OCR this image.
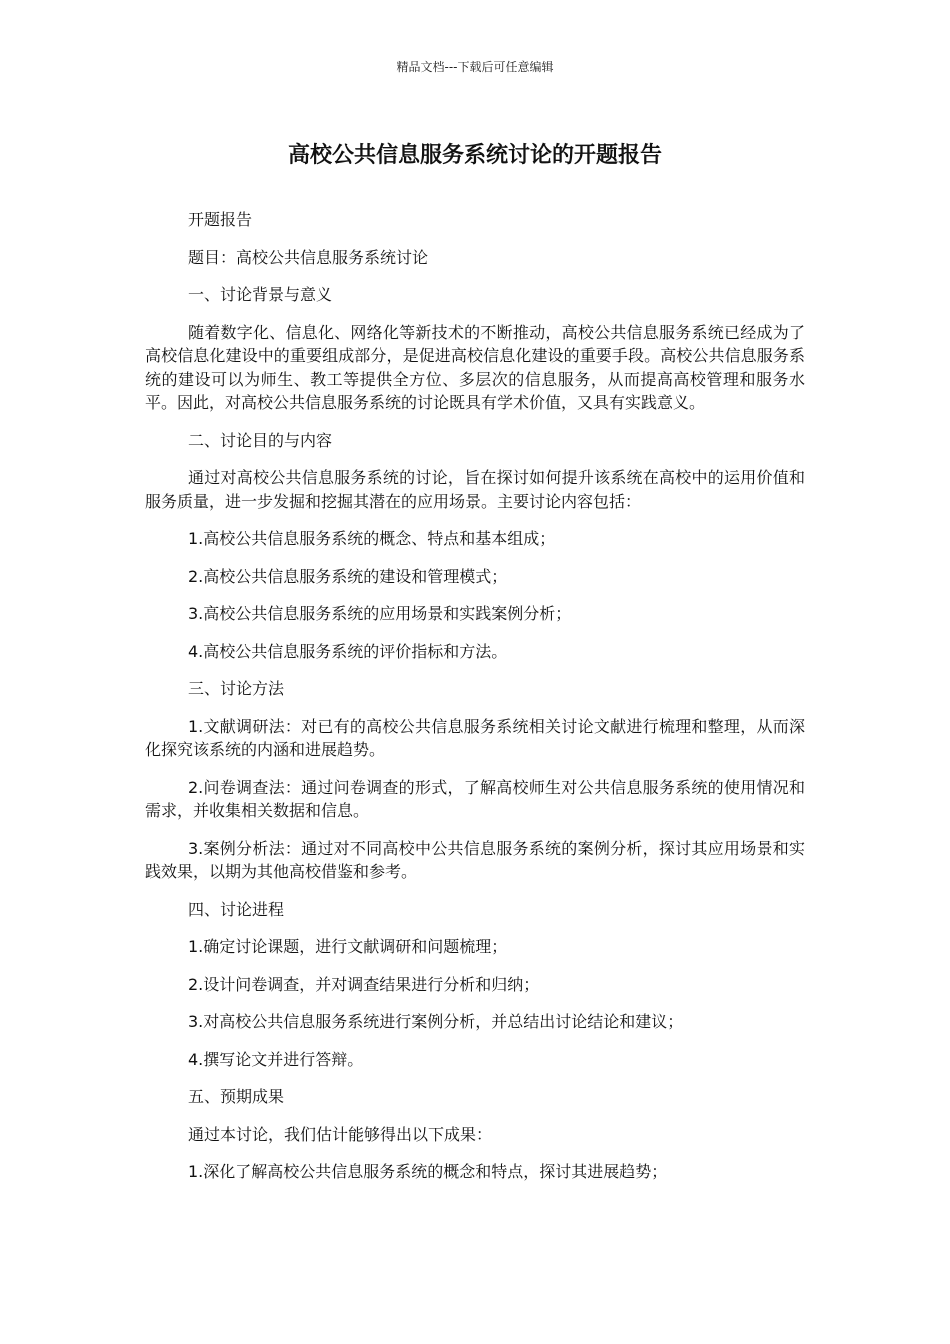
精品文档---下载后可任意编辑
高校公共信息服务系统讨论的开题报告

开题报告

题目：高校公共信息服务系统讨论

一、讨论背景与意义

随着数字化、信息化、网络化等新技术的不断推动，高校公共信息服务系统已经成为了高校信息化建设中的重要组成部分，是促进高校信息化建设的重要手段。高校公共信息服务系统的建设可以为师生、教工等提供全方位、多层次的信息服务，从而提高高校管理和服务水平。因此，对高校公共信息服务系统的讨论既具有学术价值，又具有实践意义。

二、讨论目的与内容

通过对高校公共信息服务系统的讨论，旨在探讨如何提升该系统在高校中的运用价值和服务质量，进一步发掘和挖掘其潜在的应用场景。主要讨论内容包括：

1.高校公共信息服务系统的概念、特点和基本组成；

2.高校公共信息服务系统的建设和管理模式；

3.高校公共信息服务系统的应用场景和实践案例分析；

4.高校公共信息服务系统的评价指标和方法。

三、讨论方法

1.文献调研法：对已有的高校公共信息服务系统相关讨论文献进行梳理和整理，从而深化探究该系统的内涵和进展趋势。

2.问卷调查法：通过问卷调查的形式，了解高校师生对公共信息服务系统的使用情况和需求，并收集相关数据和信息。

3.案例分析法：通过对不同高校中公共信息服务系统的案例分析，探讨其应用场景和实践效果，以期为其他高校借鉴和参考。

四、讨论进程

1.确定讨论课题，进行文献调研和问题梳理；

2.设计问卷调查，并对调查结果进行分析和归纳；

3.对高校公共信息服务系统进行案例分析，并总结出讨论结论和建议；

4.撰写论文并进行答辩。

五、预期成果

通过本讨论，我们估计能够得出以下成果：

1.深化了解高校公共信息服务系统的概念和特点，探讨其进展趋势；
